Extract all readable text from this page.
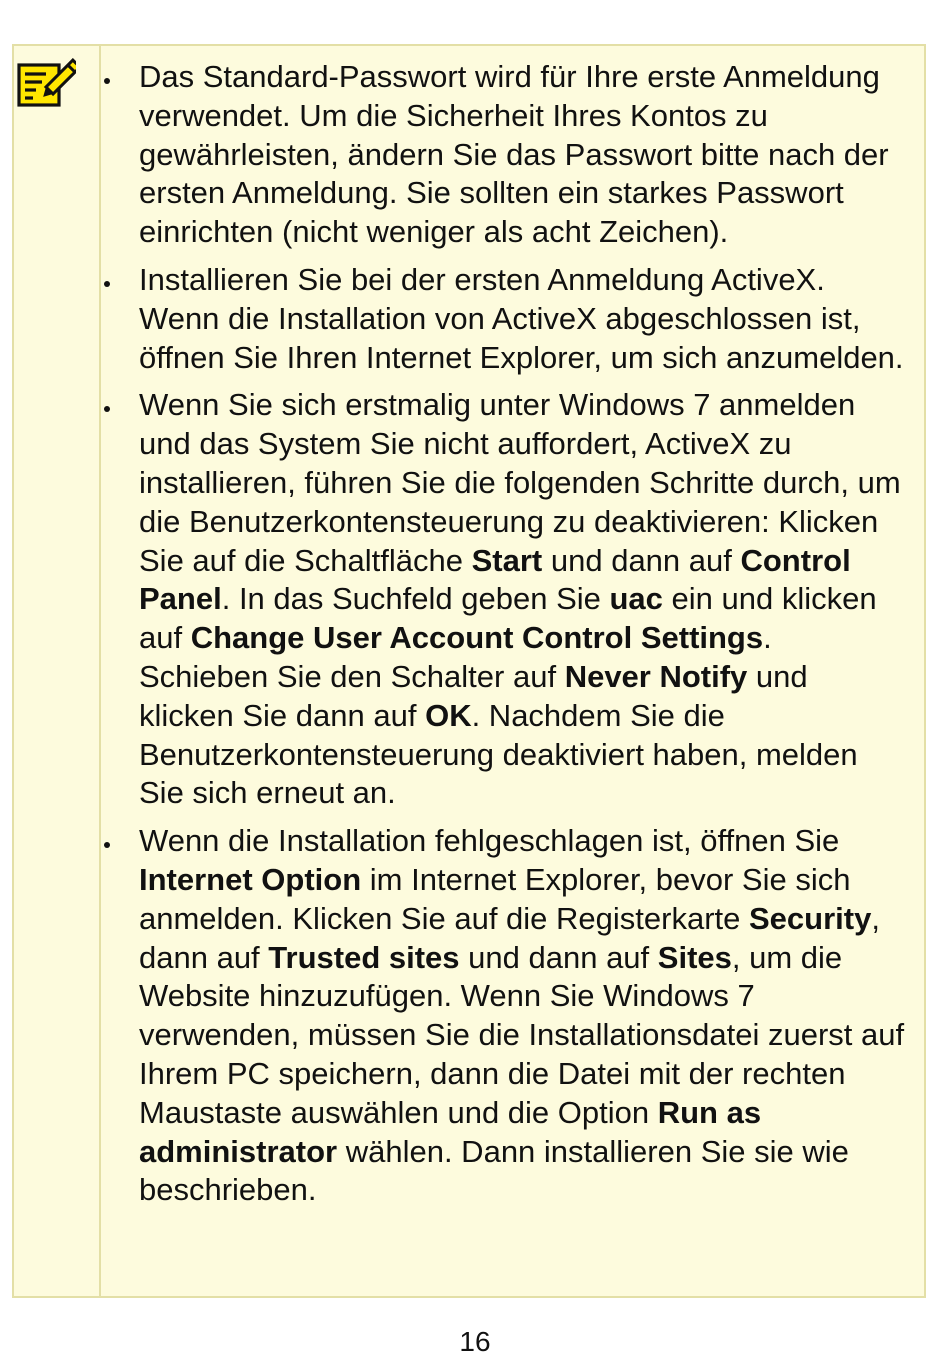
Das Standard-Passwort wird für Ihre erste Anmeldung verwendet. Um die Sicherheit Ihres Kontos zu gewährleisten, ändern Sie das Passwort bitte nach der ersten Anmeldung. Sie sollten ein starkes Passwort einrichten (nicht weniger als acht Zeichen).
Installieren Sie bei der ersten Anmeldung ActiveX. Wenn die Installation von ActiveX abgeschlossen ist, öffnen Sie Ihren Internet Explorer, um sich anzumelden.
Wenn Sie sich erstmalig unter Windows 7 anmelden und das System Sie nicht auffordert, ActiveX zu installieren, führen Sie die folgenden Schritte durch, um die Benutzerkontensteuerung zu deaktivieren: Klicken Sie auf die Schaltfläche Start und dann auf Control Panel. In das Suchfeld geben Sie uac ein und klicken auf Change User Account Control Settings. Schieben Sie den Schalter auf Never Notify und klicken Sie dann auf OK. Nachdem Sie die Benutzerkontensteuerung deaktiviert haben, melden Sie sich erneut an.
Wenn die Installation fehlgeschlagen ist, öffnen Sie Internet Option im Internet Explorer, bevor Sie sich anmelden. Klicken Sie auf die Registerkarte Security, dann auf Trusted sites und dann auf Sites, um die Website hinzuzufügen. Wenn Sie Windows 7 verwenden, müssen Sie die Installationsdatei zuerst auf Ihrem PC speichern, dann die Datei mit der rechten Maustaste auswählen und die Option Run as administrator wählen. Dann installieren Sie sie wie beschrieben.
16
